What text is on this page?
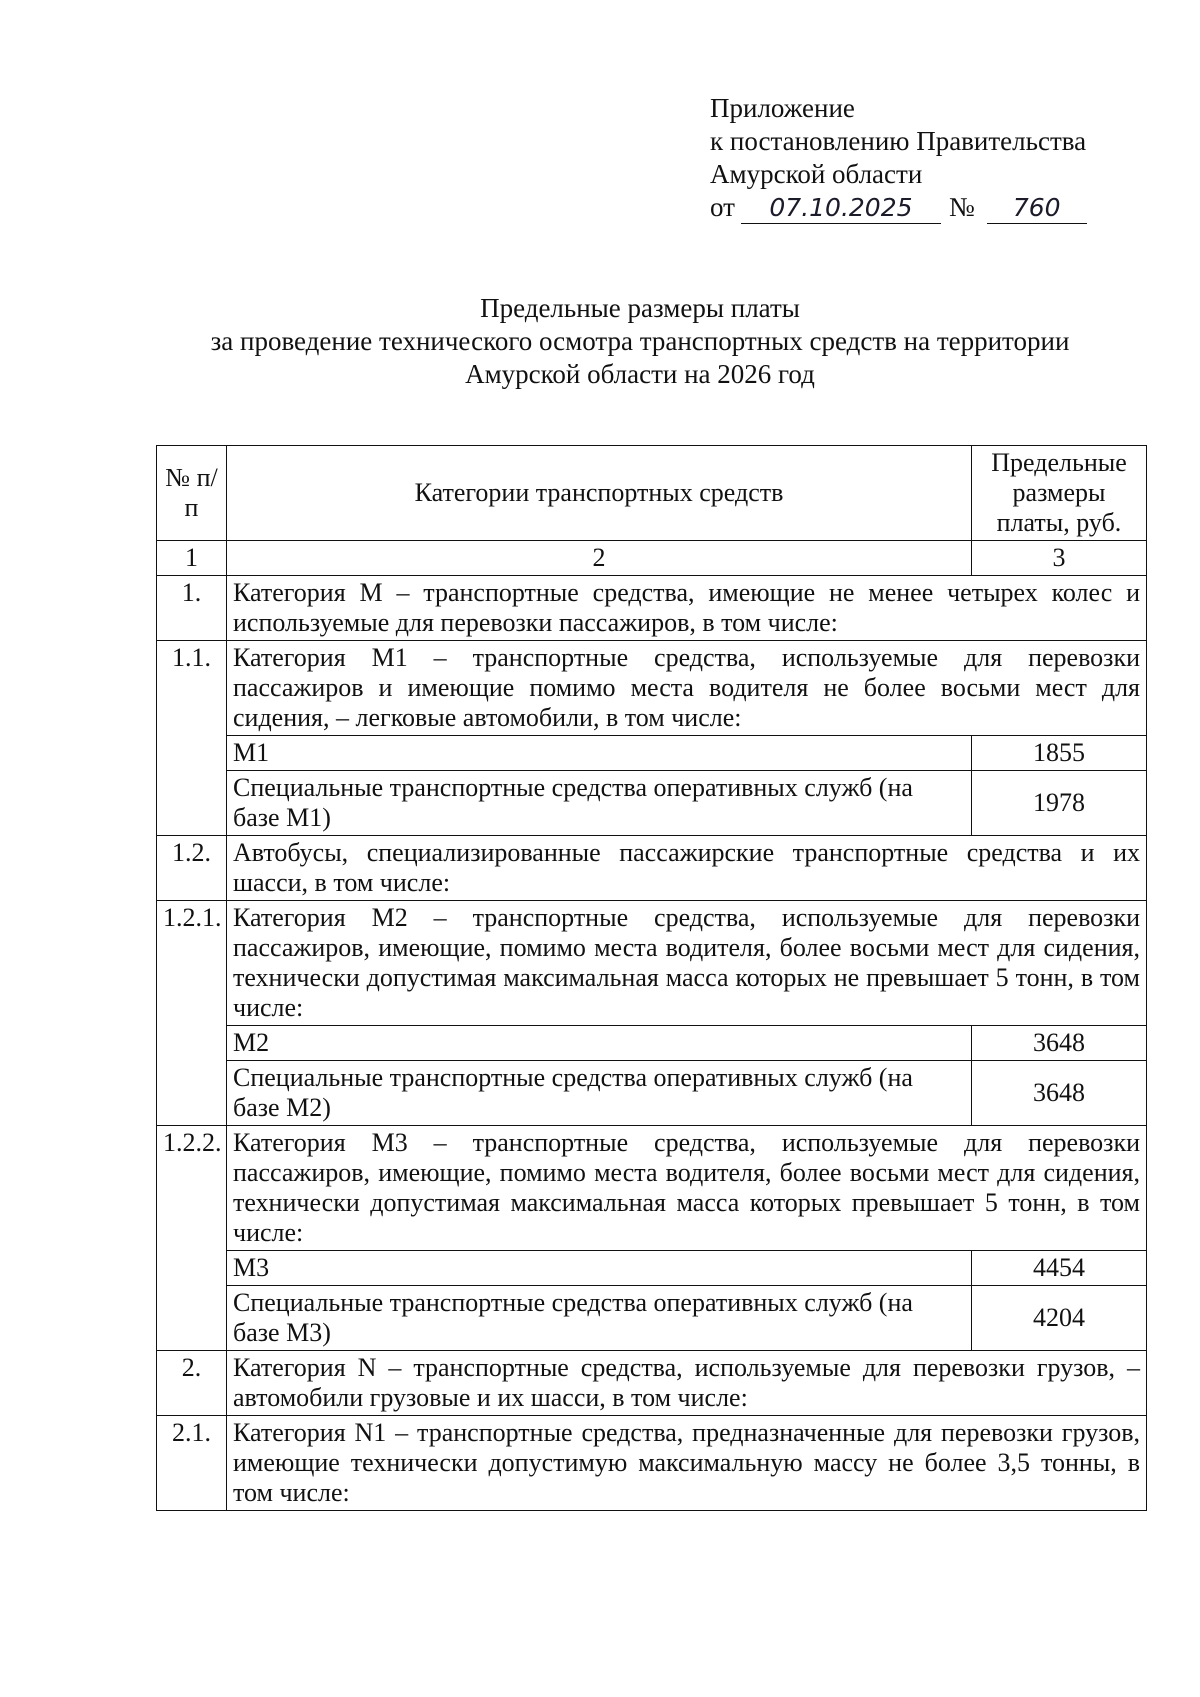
Приложение
к постановлению Правительства
Амурской области
от	07.10.2025	№	760
Предельные размеры платы
за проведение технического осмотра транспортных средств на территории
Амурской области на 2026 год
№ п/п	Категории транспортных средств	Предельные размеры платы, руб.
1	2	3
1.	Категория М – транспортные средства, имеющие не менее четырех колес и используемые для перевозки пассажиров, в том числе:	
1.1.	Категория М1 – транспортные средства, используемые для перевозки пассажиров и имеющие помимо места водителя не более восьми мест для сидения, – легковые автомобили, в том числе:	
	М1	1855
	Специальные транспортные средства оперативных служб (на базе М1)	1978
1.2.	Автобусы, специализированные пассажирские транспортные средства и их шасси, в том числе:	
1.2.1.	Категория М2 – транспортные средства, используемые для перевозки пассажиров, имеющие, помимо места водителя, более восьми мест для сидения, технически допустимая максимальная масса которых не превышает 5 тонн, в том числе:	
	М2	3648
	Специальные транспортные средства оперативных служб (на базе М2)	3648
1.2.2.	Категория М3 – транспортные средства, используемые для перевозки пассажиров, имеющие, помимо места водителя, более восьми мест для сидения, технически допустимая максимальная масса которых превышает 5 тонн, в том числе:	
	М3	4454
	Специальные транспортные средства оперативных служб (на базе М3)	4204
2.	Категория N – транспортные средства, используемые для перевозки грузов, – автомобили грузовые и их шасси, в том числе:	
2.1.	Категория N1 – транспортные средства, предназначенные для перевозки грузов, имеющие технически допустимую максимальную массу не более 3,5 тонны, в том числе:	
